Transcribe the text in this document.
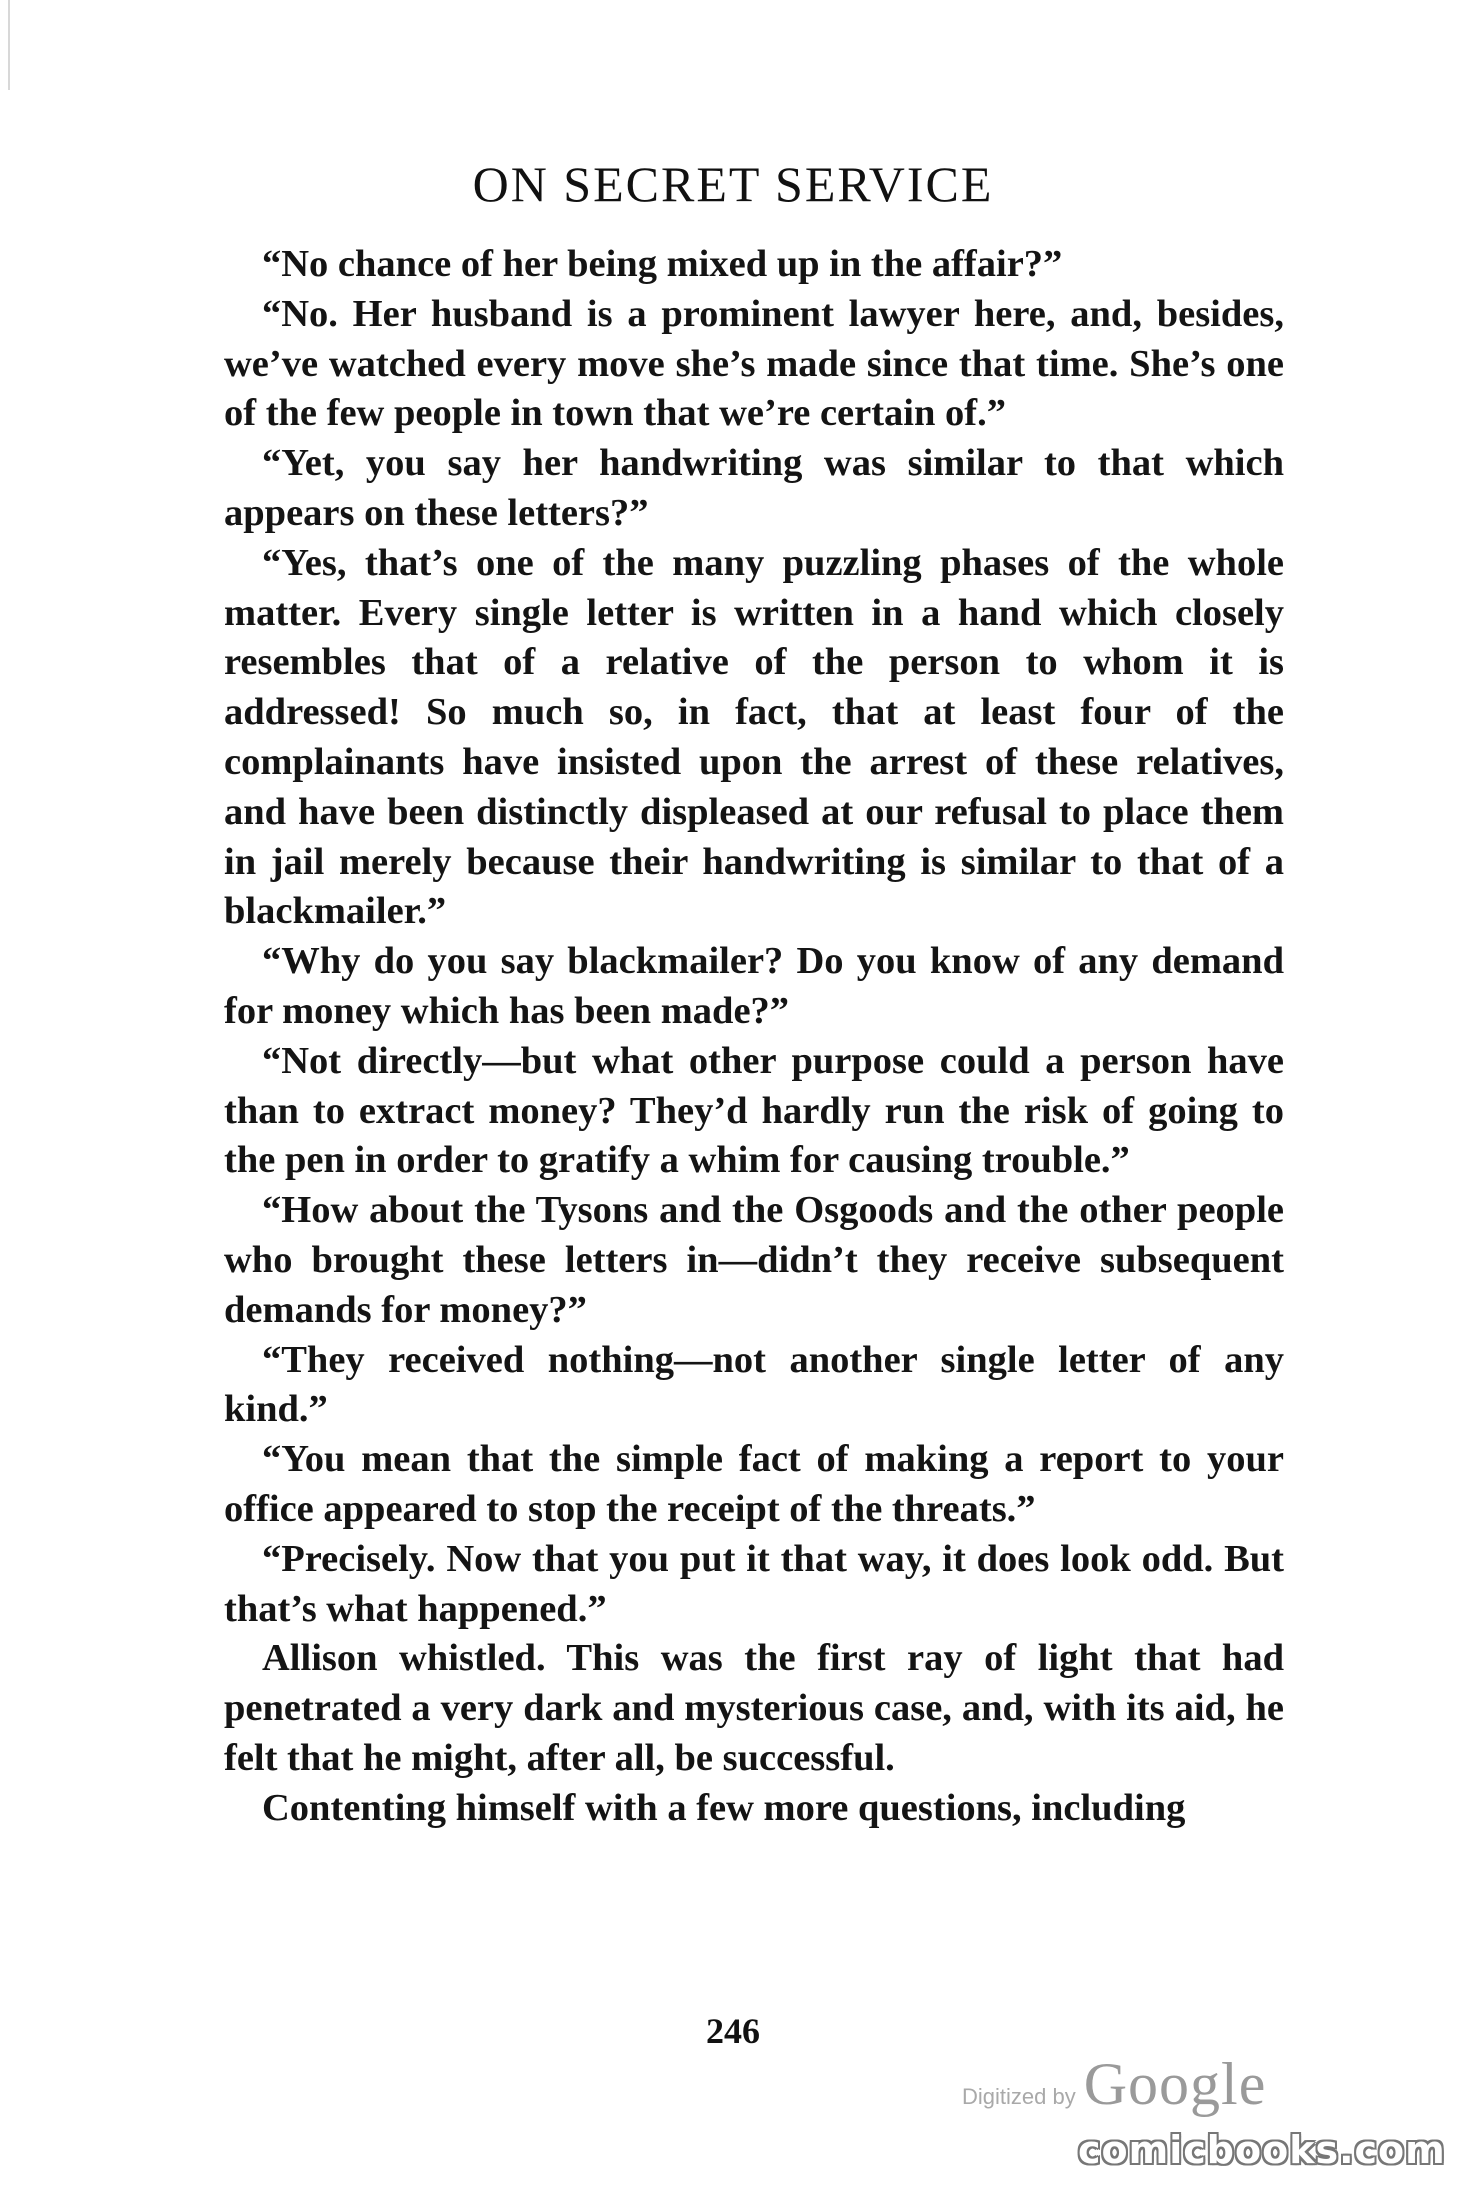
ON SECRET SERVICE

“No chance of her being mixed up in the affair?”

“No. Her husband is a prominent lawyer here, and, besides, we’ve watched every move she’s made since that time. She’s one of the few people in town that we’re certain of.”

“Yet, you say her handwriting was similar to that which appears on these letters?”

“Yes, that’s one of the many puzzling phases of the whole matter. Every single letter is written in a hand which closely resembles that of a relative of the person to whom it is addressed! So much so, in fact, that at least four of the complainants have insisted upon the arrest of these relatives, and have been distinctly displeased at our refusal to place them in jail merely because their handwriting is similar to that of a blackmailer.”

“Why do you say blackmailer? Do you know of any demand for money which has been made?”

“Not directly—but what other purpose could a person have than to extract money? They’d hardly run the risk of going to the pen in order to gratify a whim for causing trouble.”

“How about the Tysons and the Osgoods and the other people who brought these letters in—didn’t they receive subsequent demands for money?”

“They received nothing—not another single letter of any kind.”

“You mean that the simple fact of making a report to your office appeared to stop the receipt of the threats.”

“Precisely. Now that you put it that way, it does look odd. But that’s what happened.”

Allison whistled. This was the first ray of light that had penetrated a very dark and mysterious case, and, with its aid, he felt that he might, after all, be successful.

Contenting himself with a few more questions, including

246
Digitized by Google
comicbooks.com
